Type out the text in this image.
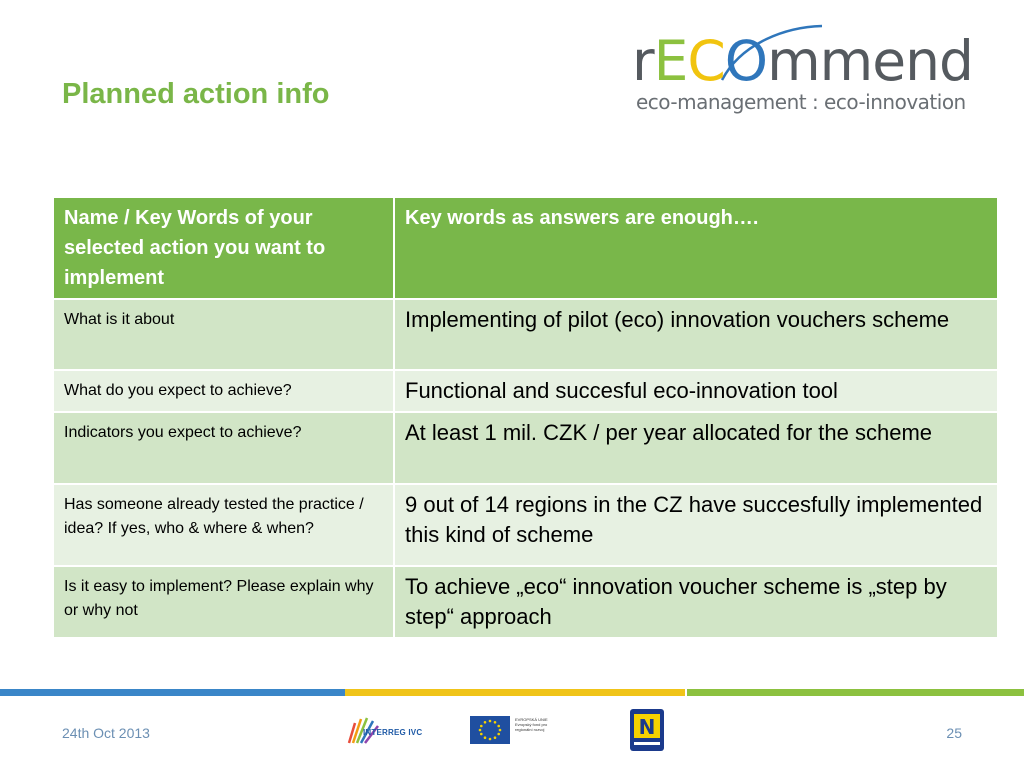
Planned action info
rECOmmend
eco-management : eco-innovation
Name / Key Words of your selected action you want to implement	Key words as answers are enough….
What is it about	Implementing of pilot (eco) innovation vouchers scheme
What do you expect to achieve?	Functional and succesful eco-innovation tool
Indicators you expect to achieve?	At least 1 mil. CZK / per year allocated for the scheme
Has someone already tested the practice / idea? If yes, who & where & when?	9 out of 14 regions in the CZ have succesfully implemented this kind of scheme
Is it easy to implement? Please explain why or why not	To achieve „eco“ innovation voucher scheme is „step by step“ approach
24th Oct 2013	INTERREG IVC
EVROPSKÁ UNIE Evropský fond pro regionální rozvoj	N	25
